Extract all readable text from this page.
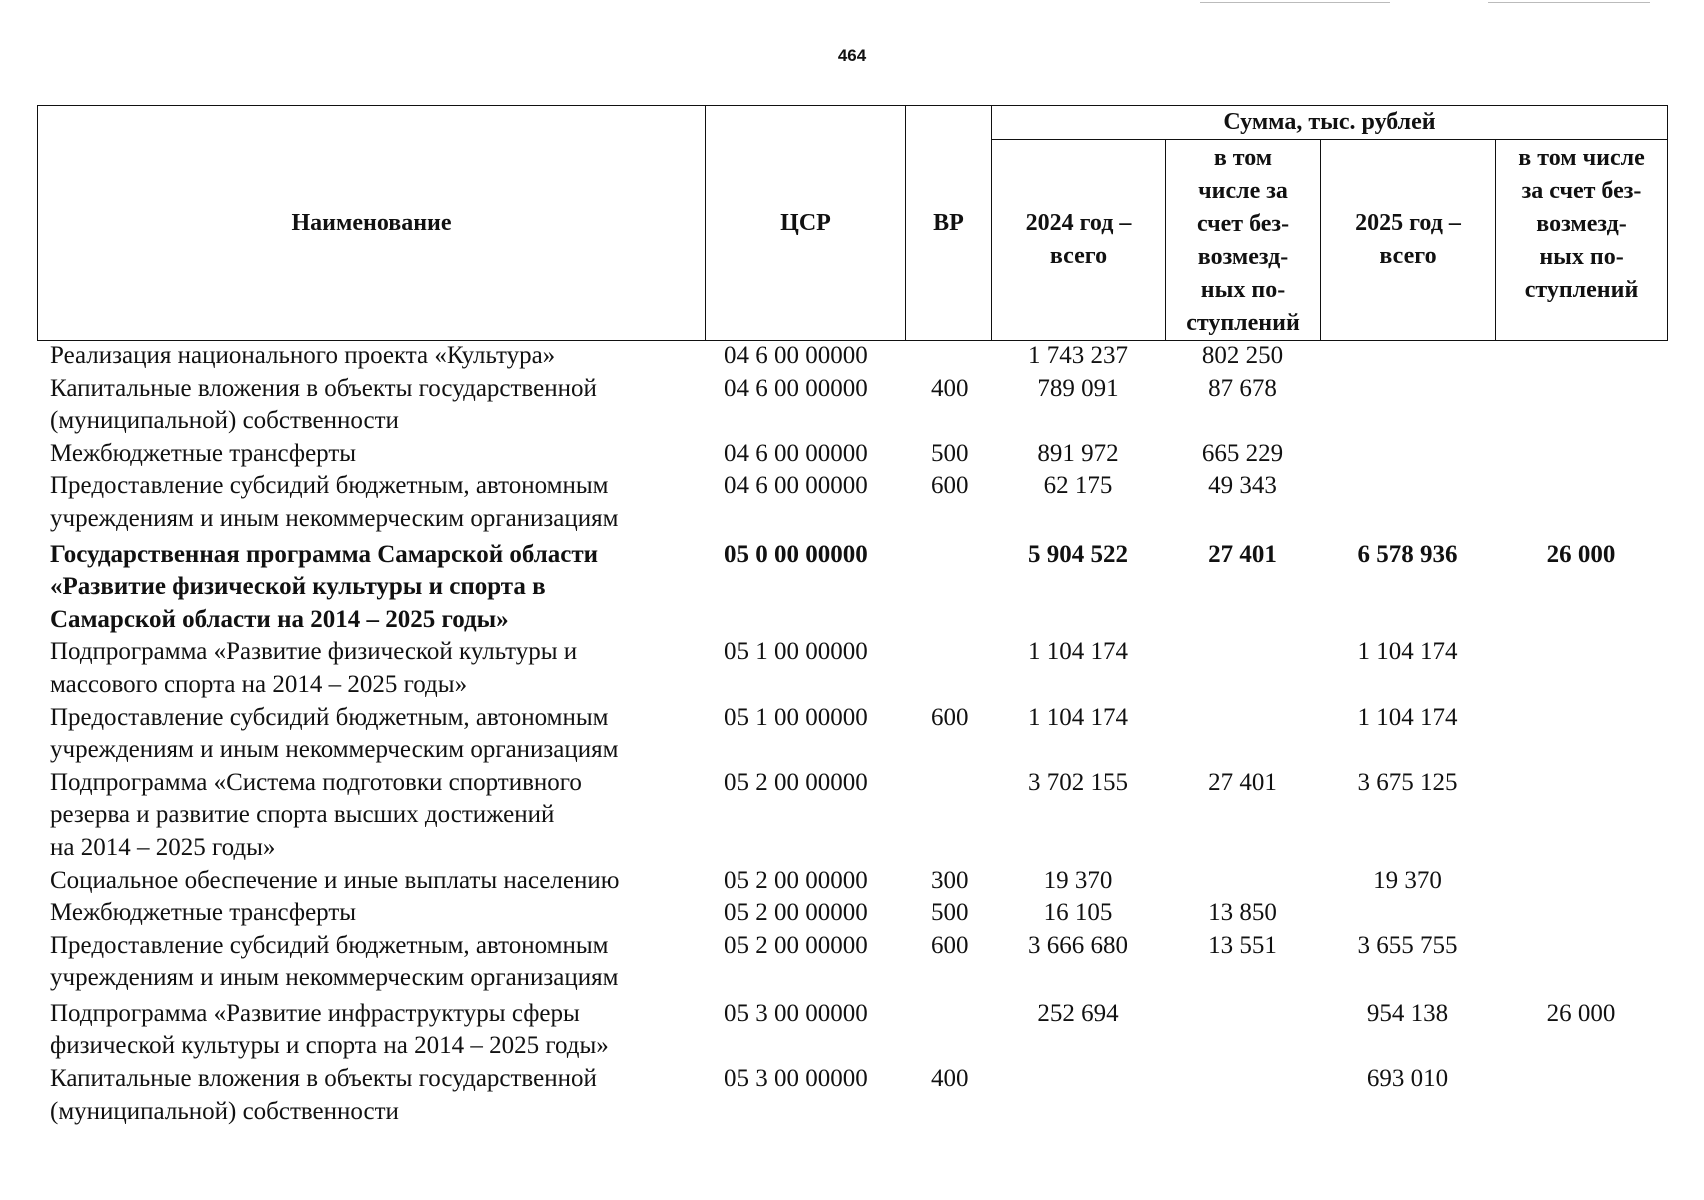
464
Наименование	ЦСР	ВР	Сумма, тыс. рублей			
			2024 год – всего	в том числе за счет без-возмезд-ных по-ступлений	2025 год – всего	в том числе за счет без-возмезд-ных по-ступлений
Реализация национального проекта «Культура»	04 6 00 00000		1 743 237	802 250		
Капитальные вложения в объекты государственной
(муниципальной) собственности	04 6 00 00000	400	789 091	87 678		
Межбюджетные трансферты	04 6 00 00000	500	891 972	665 229		
Предоставление субсидий бюджетным, автономным
учреждениям и иным некоммерческим организациям	04 6 00 00000	600	62 175	49 343		
Государственная программа Самарской области
«Развитие физической культуры и спорта в
Самарской области на 2014 – 2025 годы»	05 0 00 00000		5 904 522	27 401	6 578 936	26 000
Подпрограмма «Развитие физической культуры и
массового спорта на 2014 – 2025 годы»	05 1 00 00000		1 104 174		1 104 174	
Предоставление субсидий бюджетным, автономным
учреждениям и иным некоммерческим организациям	05 1 00 00000	600	1 104 174		1 104 174	
Подпрограмма «Система подготовки спортивного
резерва и развитие спорта высших достижений
на 2014 – 2025 годы»	05 2 00 00000		3 702 155	27 401	3 675 125	
Социальное обеспечение и иные выплаты населению	05 2 00 00000	300	19 370		19 370	
Межбюджетные трансферты	05 2 00 00000	500	16 105	13 850		
Предоставление субсидий бюджетным, автономным
учреждениям и иным некоммерческим организациям	05 2 00 00000	600	3 666 680	13 551	3 655 755	
Подпрограмма «Развитие инфраструктуры сферы
физической культуры и спорта на 2014 – 2025 годы»	05 3 00 00000		252 694		954 138	26 000
Капитальные вложения в объекты государственной
(муниципальной) собственности	05 3 00 00000	400			693 010	
